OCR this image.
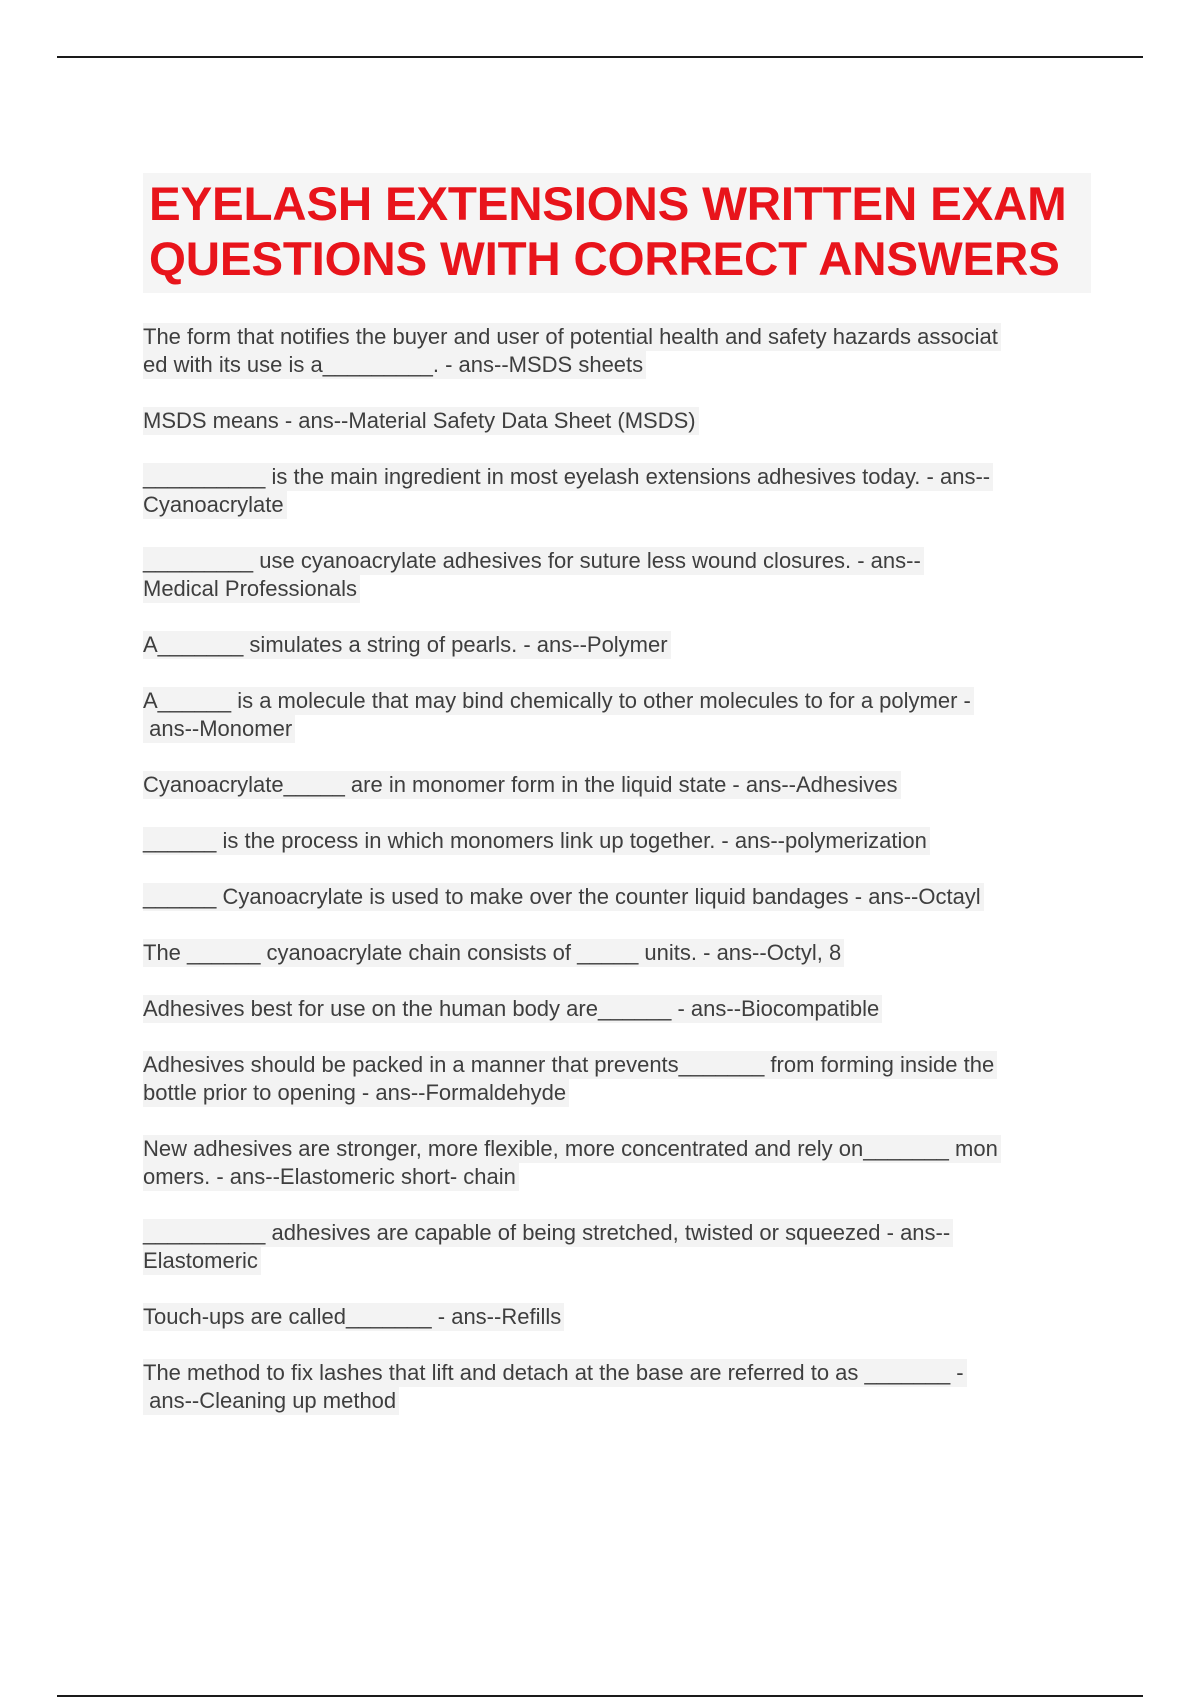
EYELASH EXTENSIONS WRITTEN EXAM
QUESTIONS WITH CORRECT ANSWERS
The form that notifies the buyer and user of potential health and safety hazards associat
ed with its use is a_________. - ans--MSDS sheets
MSDS means - ans--Material Safety Data Sheet (MSDS)
__________ is the main ingredient in most eyelash extensions adhesives today. - ans--
Cyanoacrylate
_________ use cyanoacrylate adhesives for suture less wound closures. - ans--
Medical Professionals
A_______ simulates a string of pearls. - ans--Polymer
A______ is a molecule that may bind chemically to other molecules to for a polymer -
ans--Monomer
Cyanoacrylate_____ are in monomer form in the liquid state - ans--Adhesives
______ is the process in which monomers link up together. - ans--polymerization
______ Cyanoacrylate is used to make over the counter liquid bandages - ans--Octayl
The ______ cyanoacrylate chain consists of _____ units. - ans--Octyl, 8
Adhesives best for use on the human body are______ - ans--Biocompatible
Adhesives should be packed in a manner that prevents_______ from forming inside the
bottle prior to opening - ans--Formaldehyde
New adhesives are stronger, more flexible, more concentrated and rely on_______ mon
omers. - ans--Elastomeric short- chain
__________ adhesives are capable of being stretched, twisted or squeezed - ans--
Elastomeric
Touch-ups are called_______ - ans--Refills
The method to fix lashes that lift and detach at the base are referred to as _______ -
ans--Cleaning up method
